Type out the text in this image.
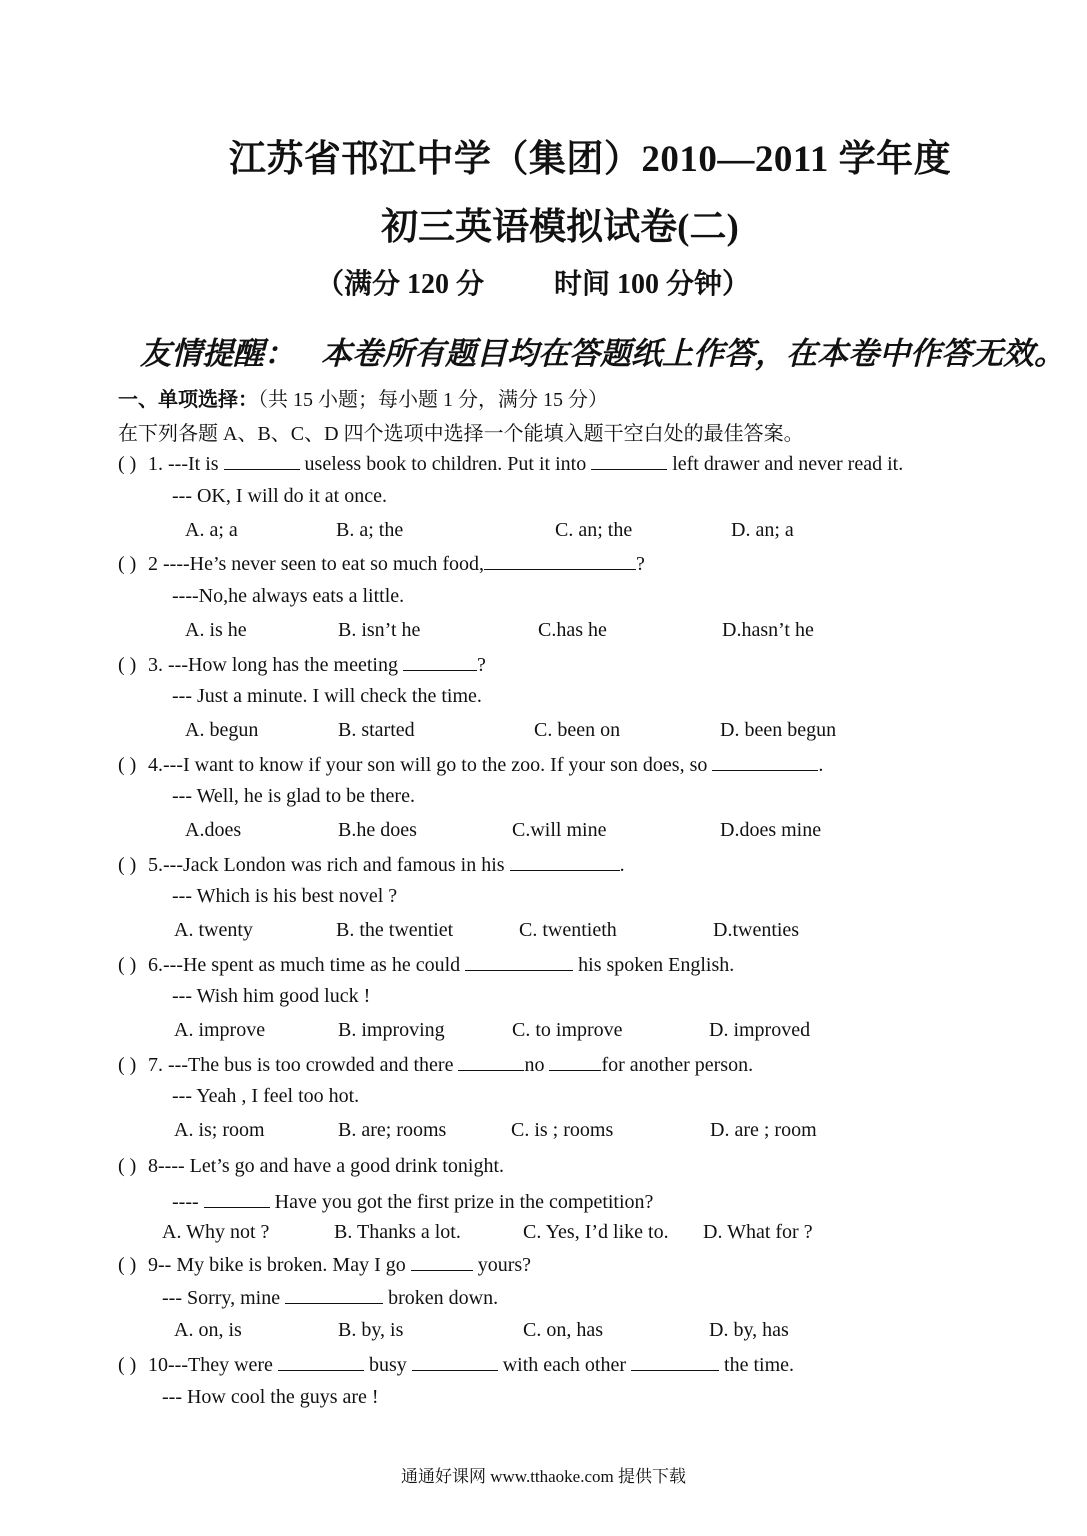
江苏省邗江中学（集团）2010—2011 学年度
初三英语模拟试卷(二)
（满分 120 分	时间 100 分钟）
友情提醒： 本卷所有题目均在答题纸上作答，在本卷中作答无效。
一、单项选择：（共 15 小题；每小题 1 分，满分 15 分）
在下列各题 A、B、C、D 四个选项中选择一个能填入题干空白处的最佳答案。
( ) 1. ---It is	useless book to children. Put it into	left drawer and never read it.
--- OK, I will do it at once.
A. a; a	B. a; the	C. an; the	D. an; a
( ) 2 ----He’s never seen to eat so much food,	?
----No,he always eats a little.
A. is he	B. isn’t he	C.has he	D.hasn’t he
( ) 3. ---How long has the meeting	?
--- Just a minute. I will check the time.
A. begun	B. started	C. been on	D. been begun
( ) 4.---I want to know if your son will go to the zoo. If your son does, so	.
--- Well, he is glad to be there.
A.does	B.he does	C.will mine	D.does mine
( ) 5.---Jack London was rich and famous in his	.
--- Which is his best novel ?
A. twenty	B. the twentiet	C. twentieth	D.twenties
( ) 6.---He spent as much time as he could	his spoken English.
--- Wish him good luck !
A. improve	B. improving	C. to improve	D. improved
( ) 7. ---The bus is too crowded and there	no	for another person.
--- Yeah , I feel too hot.
A. is; room	B. are; rooms	C. is ; rooms	D. are ; room
( ) 8---- Let’s go and have a good drink tonight.
----	Have you got the first prize in the competition?
A. Why not ?	B. Thanks a lot.	C. Yes, I’d like to. D. What for ?
( ) 9-- My bike is broken. May I go	yours?
--- Sorry, mine	broken down.
A. on, is	B. by, is	C. on, has	D. by, has
( ) 10---They were	busy	with each other	the time.
--- How cool the guys are !
通通好课网 www.tthaoke.com 提供下载
